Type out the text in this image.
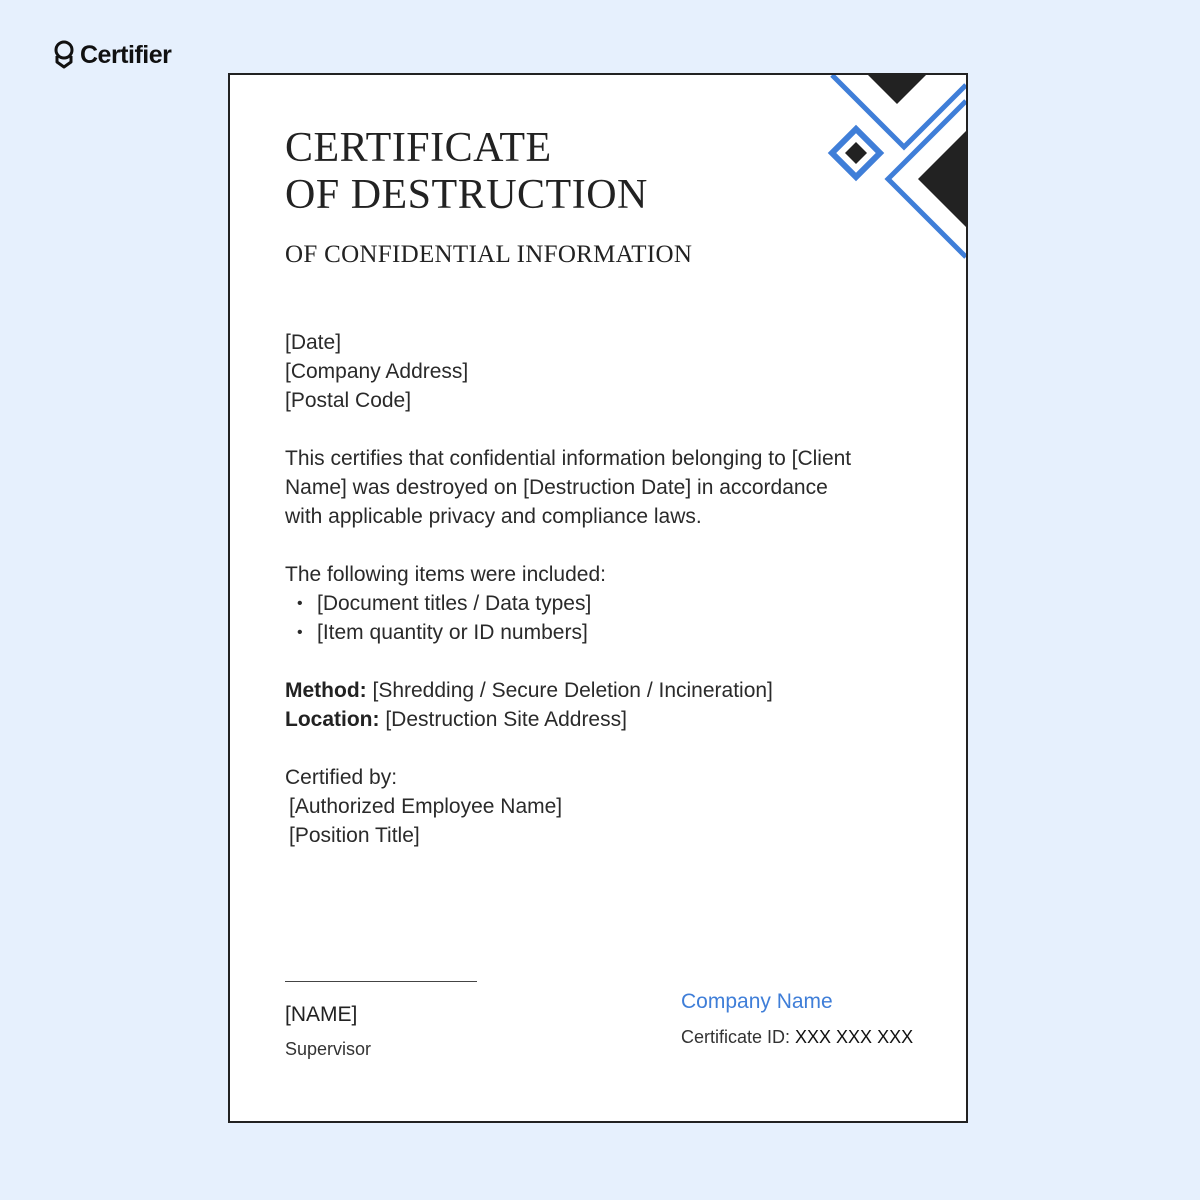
Certifier
CERTIFICATE
OF DESTRUCTION
OF CONFIDENTIAL INFORMATION
[Date]
[Company Address]
[Postal Code]
This certifies that confidential information belonging to [Client
Name] was destroyed on [Destruction Date] in accordance
with applicable privacy and compliance laws.
The following items were included:
• [Document titles / Data types]
• [Item quantity or ID numbers]
Method: [Shredding / Secure Deletion / Incineration]
Location: [Destruction Site Address]
Certified by:
[Authorized Employee Name]
[Position Title]
[NAME]
Supervisor
Company Name
Certificate ID: XXX XXX XXX
